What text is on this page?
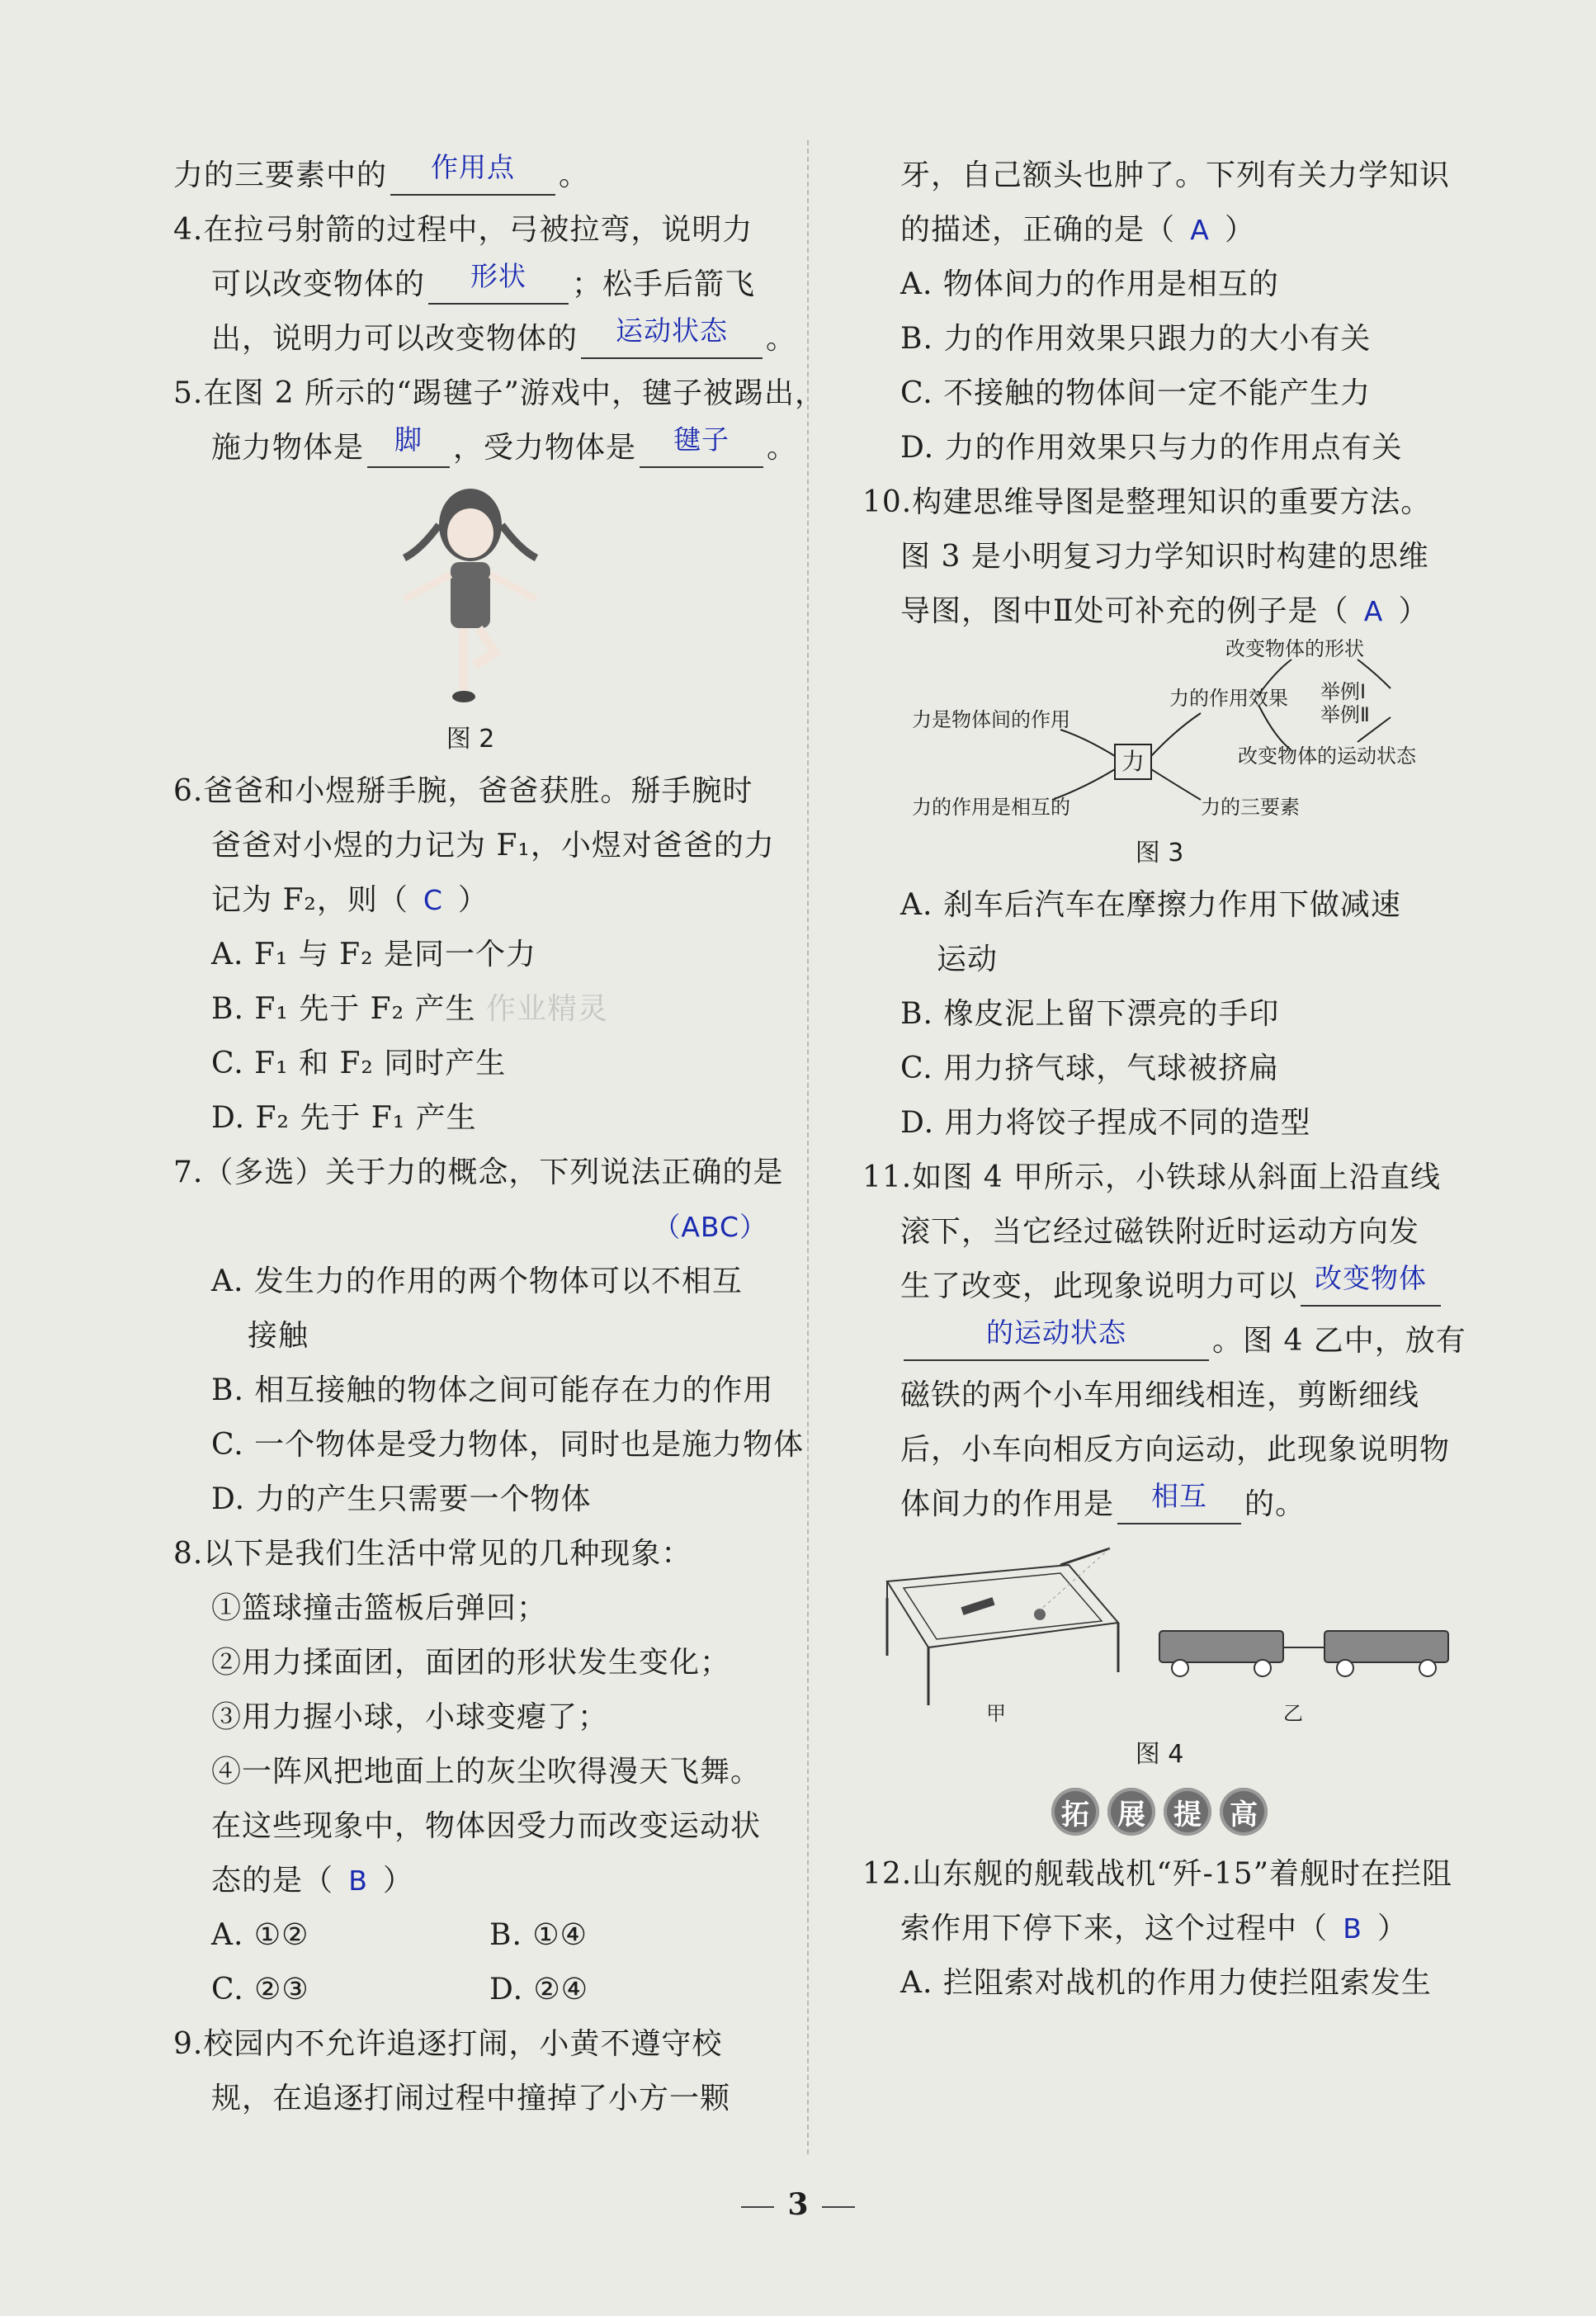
力的三要素中的 作用点 。
4.在拉弓射箭的过程中，弓被拉弯，说明力
可以改变物体的 形状 ；松手后箭飞
出，说明力可以改变物体的 运动状态 。
5.在图 2 所示的“踢毽子”游戏中，毽子被踢出，
施力物体是 脚 ，受力物体是 毽子 。
图 2
6.爸爸和小煜掰手腕，爸爸获胜。掰手腕时
爸爸对小煜的力记为 F₁，小煜对爸爸的力
记为 F₂，则（ C ）
A. F₁ 与 F₂ 是同一个力
B. F₁ 先于 F₂ 产生 作业精灵
C. F₁ 和 F₂ 同时产生
D. F₂ 先于 F₁ 产生
7.（多选）关于力的概念，下列说法正确的是
（ABC）
A. 发生力的作用的两个物体可以不相互
接触
B. 相互接触的物体之间可能存在力的作用
C. 一个物体是受力物体，同时也是施力物体
D. 力的产生只需要一个物体
8.以下是我们生活中常见的几种现象：
①篮球撞击篮板后弹回；
②用力揉面团，面团的形状发生变化；
③用力握小球，小球变瘪了；
④一阵风把地面上的灰尘吹得漫天飞舞。
在这些现象中，物体因受力而改变运动状
态的是（ B ）
A. ①②	B. ①④
C. ②③	D. ②④
9.校园内不允许追逐打闹，小黄不遵守校
规，在追逐打闹过程中撞掉了小方一颗
牙，自己额头也肿了。下列有关力学知识
的描述，正确的是（ A ）
A. 物体间力的作用是相互的
B. 力的作用效果只跟力的大小有关
C. 不接触的物体间一定不能产生力
D. 力的作用效果只与力的作用点有关
10.构建思维导图是整理知识的重要方法。
图 3 是小明复习力学知识时构建的思维
导图，图中Ⅱ处可补充的例子是（ A ）
力
力是物体间的作用
力的作用是相互的
力的作用效果
力的三要素
改变物体的形状
改变物体的运动状态
举例Ⅰ
举例Ⅱ
图 3
A. 刹车后汽车在摩擦力作用下做减速
运动
B. 橡皮泥上留下漂亮的手印
C. 用力挤气球，气球被挤扁
D. 用力将饺子捏成不同的造型
11.如图 4 甲所示，小铁球从斜面上沿直线
滚下，当它经过磁铁附近时运动方向发
生了改变，此现象说明力可以 改变物体
的运动状态	。图 4 乙中，放有
磁铁的两个小车用细线相连，剪断细线
后，小车向相反方向运动，此现象说明物
体间力的作用是 相互 的。
甲	乙
图 4
拓	展	提	高
12.山东舰的舰载战机“歼-15”着舰时在拦阻
索作用下停下来，这个过程中（ B ）
A. 拦阻索对战机的作用力使拦阻索发生
3
